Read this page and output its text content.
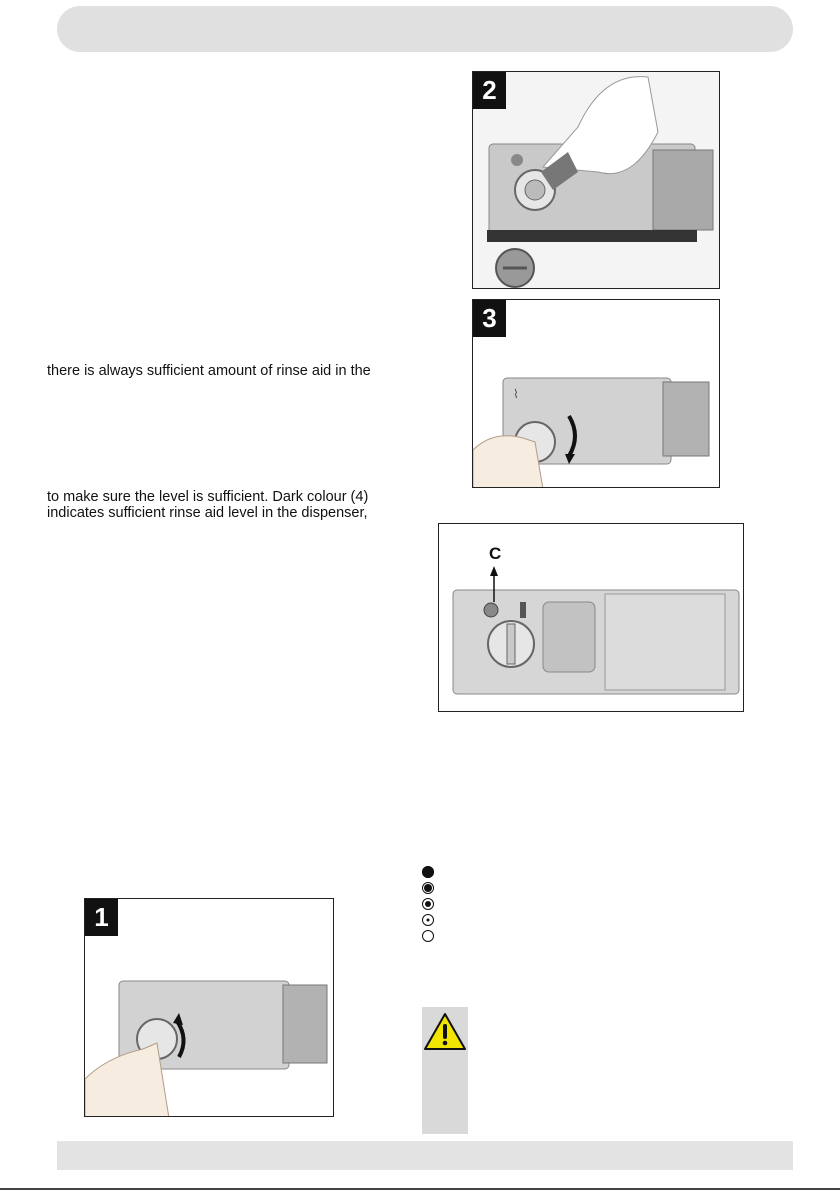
there is always sufficient amount of rinse aid in the
to make sure the level is sufficient. Dark colour (4)
indicates sufficient rinse aid level in the dispenser,
2
⌇
3
C
1
